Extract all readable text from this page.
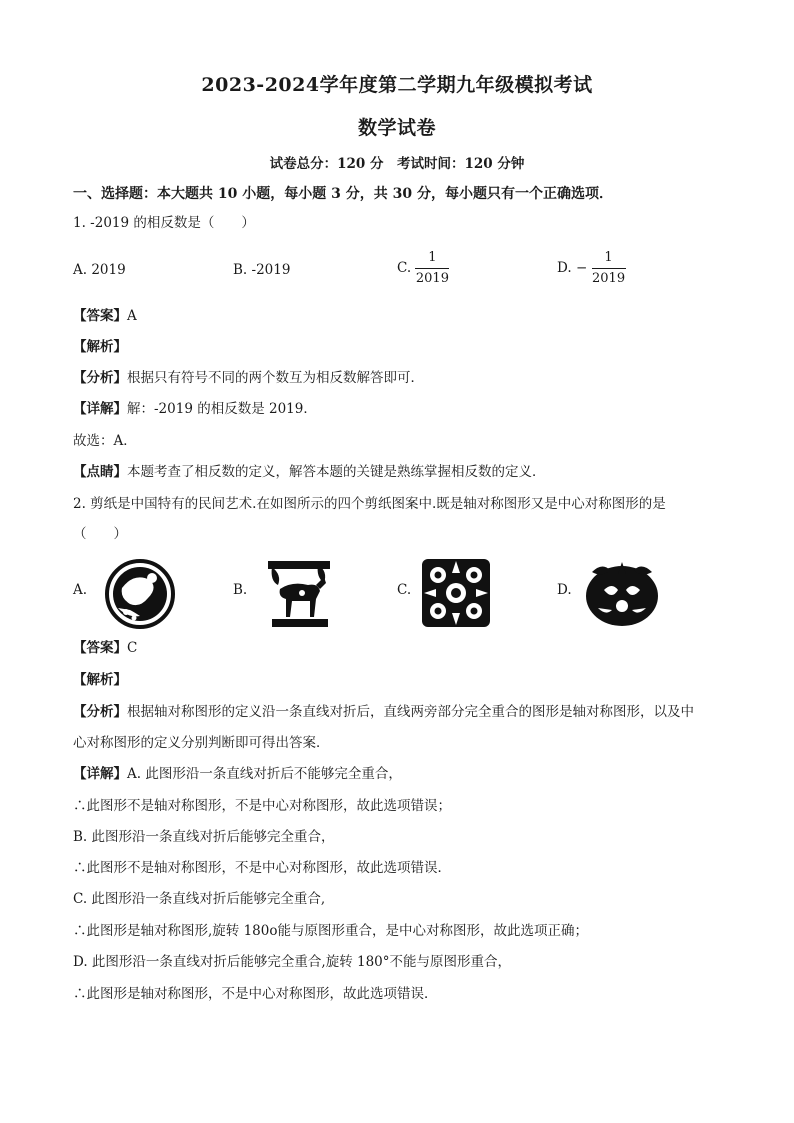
2023-2024学年度第二学期九年级模拟考试
数学试卷
试卷总分：120 分　考试时间：120 分钟
一、选择题：本大题共 10 小题，每小题 3 分，共 30 分，每小题只有一个正确选项．
1. -2019 的相反数是（　　）
A. 2019	B. -2019	C. $\frac{1}{2019}$	D. − $\frac{1}{2019}$
【答案】A
【解析】
【分析】根据只有符号不同的两个数互为相反数解答即可．
【详解】解：-2019 的相反数是 2019．
故选：A．
【点睛】本题考查了相反数的定义，解答本题的关键是熟练掌握相反数的定义．
2. 剪纸是中国特有的民间艺术.在如图所示的四个剪纸图案中.既是轴对称图形又是中心对称图形的是
（　　）
A.	B.	C.	D.
【答案】C
【解析】
【分析】根据轴对称图形的定义沿一条直线对折后，直线两旁部分完全重合的图形是轴对称图形，以及中
心对称图形的定义分别判断即可得出答案．
【详解】A. 此图形沿一条直线对折后不能够完全重合，
∴此图形不是轴对称图形，不是中心对称图形，故此选项错误；
B. 此图形沿一条直线对折后能够完全重合，
∴此图形不是轴对称图形，不是中心对称图形，故此选项错误．
C. 此图形沿一条直线对折后能够完全重合,
∴此图形是轴对称图形,旋转 180o能与原图形重合，是中心对称图形，故此选项正确；
D. 此图形沿一条直线对折后能够完全重合,旋转 180°不能与原图形重合，
∴此图形是轴对称图形，不是中心对称图形，故此选项错误．
